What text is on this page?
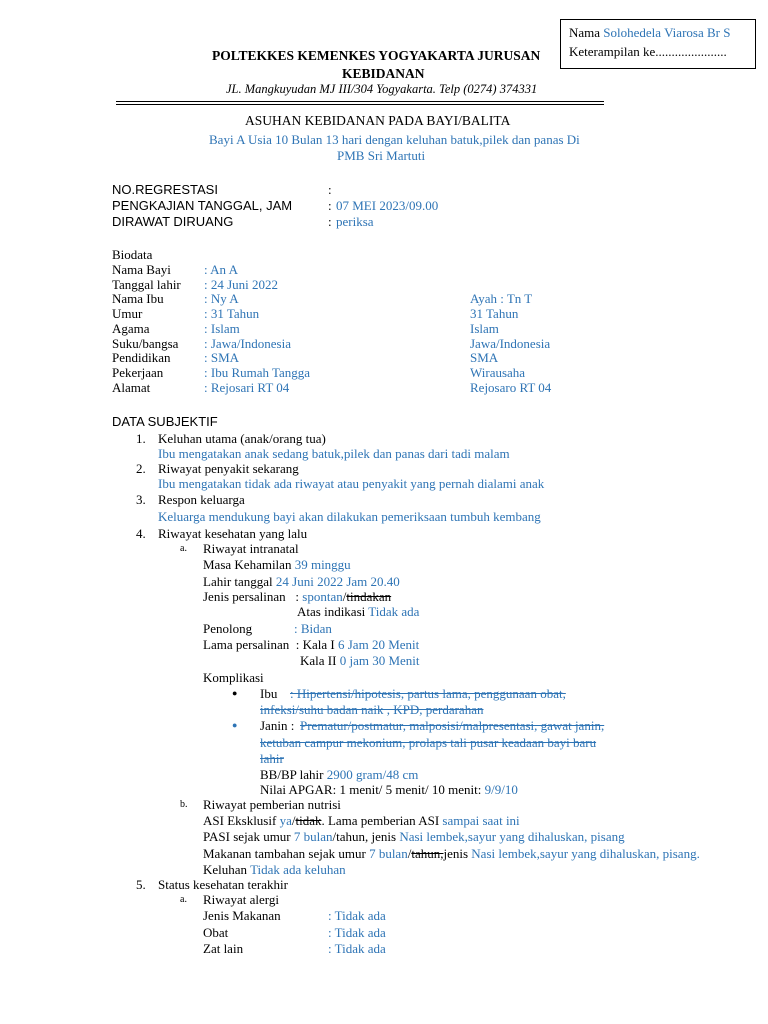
Nama Solohedela Viarosa Br S
Keterampilan ke......................
POLTEKKES KEMENKES YOGYAKARTA JURUSAN
KEBIDANAN
JL. Mangkuyudan MJ III/304 Yogyakarta. Telp (0274) 374331
ASUHAN KEBIDANAN PADA BAYI/BALITA
Bayi A Usia 10 Bulan 13 hari dengan keluhan batuk,pilek dan panas Di
PMB Sri Martuti
NO.REGRESTASI	:
PENGKAJIAN TANGGAL, JAM	: 07 MEI 2023/09.00
DIRAWAT DIRUANG	: periksa
Biodata
Nama Bayi	: An A
Tanggal lahir : 24 Juni 2022
Nama Ibu	: Ny A	Ayah : Tn T
Umur	: 31 Tahun	31 Tahun
Agama	: Islam	Islam
Suku/bangsa : Jawa/Indonesia	Jawa/Indonesia
Pendidikan	: SMA	SMA
Pekerjaan	: Ibu Rumah Tangga	Wirausaha
Alamat	: Rejosari RT 04	Rejosaro RT 04
DATA SUBJEKTIF
1. Keluhan utama (anak/orang tua)
Ibu mengatakan anak sedang batuk,pilek dan panas dari tadi malam
2. Riwayat penyakit sekarang
Ibu mengatakan tidak ada riwayat atau penyakit yang pernah dialami anak
3. Respon keluarga
Keluarga mendukung bayi akan dilakukan pemeriksaan tumbuh kembang
4. Riwayat kesehatan yang lalu
a. Riwayat intranatal
Masa Kehamilan 39 minggu
Lahir tanggal 24 Juni 2022 Jam 20.40
Jenis persalinan : spontan/tindakan
Atas indikasi Tidak ada
Penolong	: Bidan
Lama persalinan : Kala I 6 Jam 20 Menit
Kala II 0 jam 30 Menit
Komplikasi
● Ibu : Hipertensi/hipotesis, partus lama, penggunaan obat,
infeksi/suhu badan naik , KPD, perdarahan
● Janin : Prematur/postmatur, malposisi/malpresentasi, gawat janin,
ketuban campur mekonium, prolaps tali pusar keadaan bayi baru
lahir
BB/BP lahir 2900 gram/48 cm
Nilai APGAR: 1 menit/ 5 menit/ 10 menit: 9/9/10
b. Riwayat pemberian nutrisi
ASI Eksklusif ya/tidak. Lama pemberian ASI sampai saat ini
PASI sejak umur 7 bulan/tahun, jenis Nasi lembek,sayur yang dihaluskan, pisang
Makanan tambahan sejak umur 7 bulan/tahun,jenis Nasi lembek,sayur yang dihaluskan, pisang.
Keluhan Tidak ada keluhan
5. Status kesehatan terakhir
a. Riwayat alergi
Jenis Makanan	: Tidak ada
Obat	: Tidak ada
Zat lain	: Tidak ada
